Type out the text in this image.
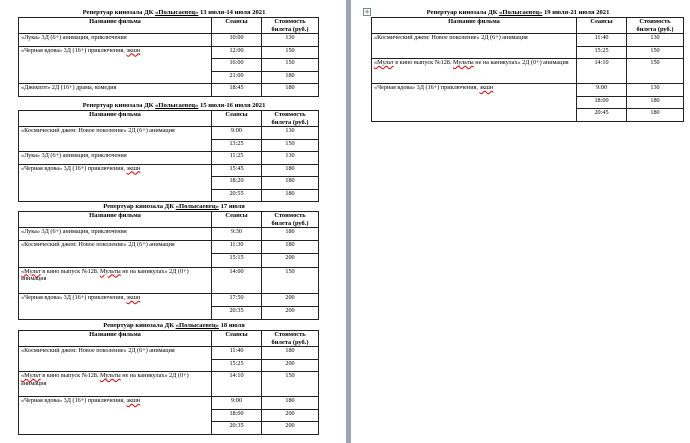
Репертуар кинозала ДК «Полысаевец» 13 июля-14 июля 2021
Название фильма	Сеансы	Стоимость билета (руб.)
«Лука» 3Д (6+) анимация, приключения	10:00	130
«Черная вдова» 3Д (16+) приключения, экшн	12:00	150
	16:00	150
	21:00	180
«Джекпот» 2Д (16+) драма, комедия	18:45	180
Репертуар кинозала ДК «Полысаевец» 15 июля-16 июля 2021
Название фильма	Сеансы	Стоимость билета (руб.)
«Космический джем: Новое поколение» 2Д (6+) анимация	9:00	130
	13:25	150
«Лука» 3Д (6+) анимация, приключения	11:25	130
«Черная вдова» 3Д (16+) приключения, экшн	15:45	180
	18:20	180
	20:55	180
Репертуар кинозала ДК «Полысаевец» 17 июля
Название фильма	Сеансы	Стоимость билета (руб.)
«Лука» 3Д (6+) анимация, приключения	9:30	180
«Космический джем: Новое поколение» 2Д (6+) анимация	11:30	180
	15:15	200
«Мульт в кино выпуск №128. Мульты не на каникулах» 2Д (0+) анимация	14:00	150
«Черная вдова» 3Д (16+) приключения, экшн	17:50	200
	20:35	200
Репертуар кинозала ДК «Полысаевец» 18 июля
Название фильма	Сеансы	Стоимость билета (руб.)
«Космический джем: Новое поколение» 2Д (6+) анимация	11:40	180
	15:25	200
«Мульт в кино выпуск №128. Мульты не на каникулах» 2Д (0+) анимация	14:10	150
«Черная вдова» 3Д (16+) приключения, экшн	9:00	180
	18:00	200
	20:35	200
Репертуар кинозала ДК «Полысаевец» 19 июля-21 июля 2021
Название фильма	Сеансы	Стоимость билета (руб.)
«Космический джем: Новое поколение» 2Д (6+) анимация	11:40	130
	15:25	150
«Мульт в кино выпуск №128. Мульты не на каникулах» 2Д (0+) анимация	14:10	150
«Черная вдова» 3Д (16+) приключения, экшн	9:00	130
	18:00	180
	20:45	180
+
